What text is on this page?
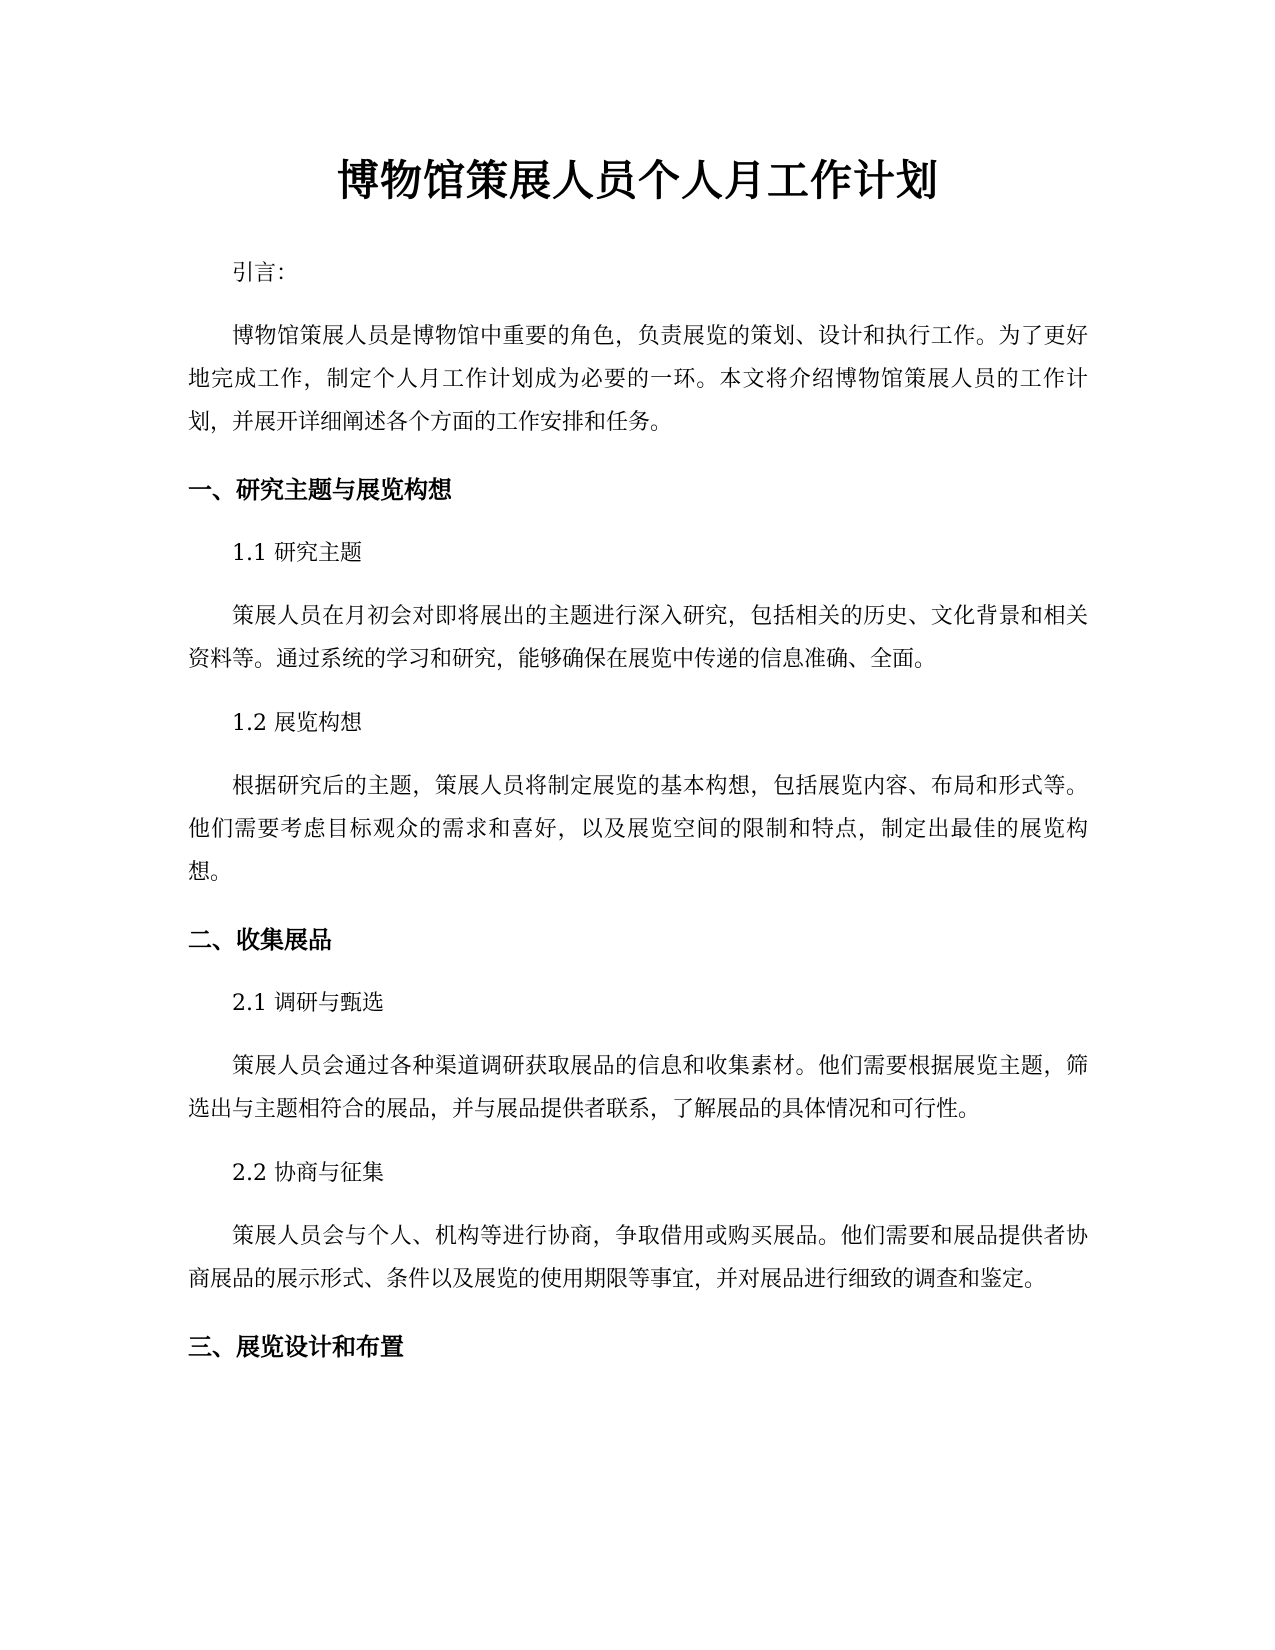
博物馆策展人员个人月工作计划

引言：

博物馆策展人员是博物馆中重要的角色，负责展览的策划、设计和执行工作。为了更好地完成工作，制定个人月工作计划成为必要的一环。本文将介绍博物馆策展人员的工作计划，并展开详细阐述各个方面的工作安排和任务。

一、研究主题与展览构想

1.1 研究主题

策展人员在月初会对即将展出的主题进行深入研究，包括相关的历史、文化背景和相关资料等。通过系统的学习和研究，能够确保在展览中传递的信息准确、全面。

1.2 展览构想

根据研究后的主题，策展人员将制定展览的基本构想，包括展览内容、布局和形式等。他们需要考虑目标观众的需求和喜好，以及展览空间的限制和特点，制定出最佳的展览构想。

二、收集展品

2.1 调研与甄选

策展人员会通过各种渠道调研获取展品的信息和收集素材。他们需要根据展览主题，筛选出与主题相符合的展品，并与展品提供者联系，了解展品的具体情况和可行性。

2.2 协商与征集

策展人员会与个人、机构等进行协商，争取借用或购买展品。他们需要和展品提供者协商展品的展示形式、条件以及展览的使用期限等事宜，并对展品进行细致的调查和鉴定。

三、展览设计和布置
